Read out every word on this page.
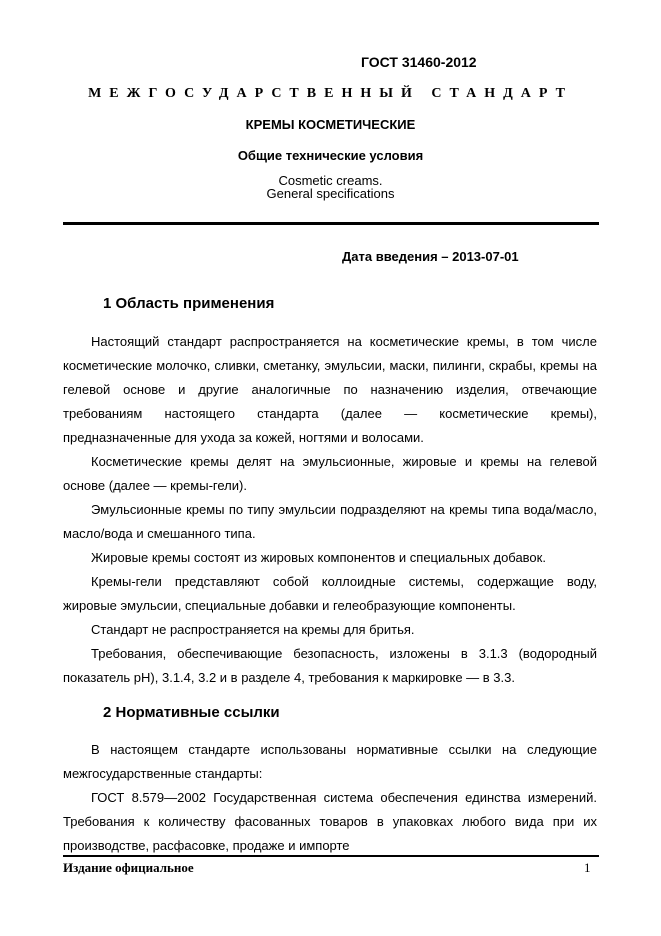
ГОСТ 31460-2012
МЕЖГОСУДАРСТВЕННЫЙ СТАНДАРТ
КРЕМЫ КОСМЕТИЧЕСКИЕ
Общие технические условия
Cosmetic creams.
General specifications
Дата введения – 2013-07-01
1 Область применения

Настоящий стандарт распространяется на косметические кремы, в том числе косметические молочко, сливки, сметанку, эмульсии, маски, пилинги, скрабы, кремы на гелевой основе и другие аналогичные по назначению изделия, отвечающие требованиям настоящего стандарта (далее — косметические кремы), предназначенные для ухода за кожей, ногтями и волосами.

Косметические кремы делят на эмульсионные, жировые и кремы на гелевой основе (далее — кремы-гели).

Эмульсионные кремы по типу эмульсии подразделяют на кремы типа вода/масло, масло/вода и смешанного типа.

Жировые кремы состоят из жировых компонентов и специальных добавок.

Кремы-гели представляют собой коллоидные системы, содержащие воду, жировые эмульсии, специальные добавки и гелеобразующие компоненты.

Стандарт не распространяется на кремы для бритья.

Требования, обеспечивающие безопасность, изложены в 3.1.3 (водородный показатель pH), 3.1.4, 3.2 и в разделе 4, требования к маркировке — в 3.3.

2 Нормативные ссылки

В настоящем стандарте использованы нормативные ссылки на следующие межгосударственные стандарты:

ГОСТ 8.579—2002 Государственная система обеспечения единства измерений. Требования к количеству фасованных товаров в упаковках любого вида при их производстве, расфасовке, продаже и импорте

Издание официальное	1
